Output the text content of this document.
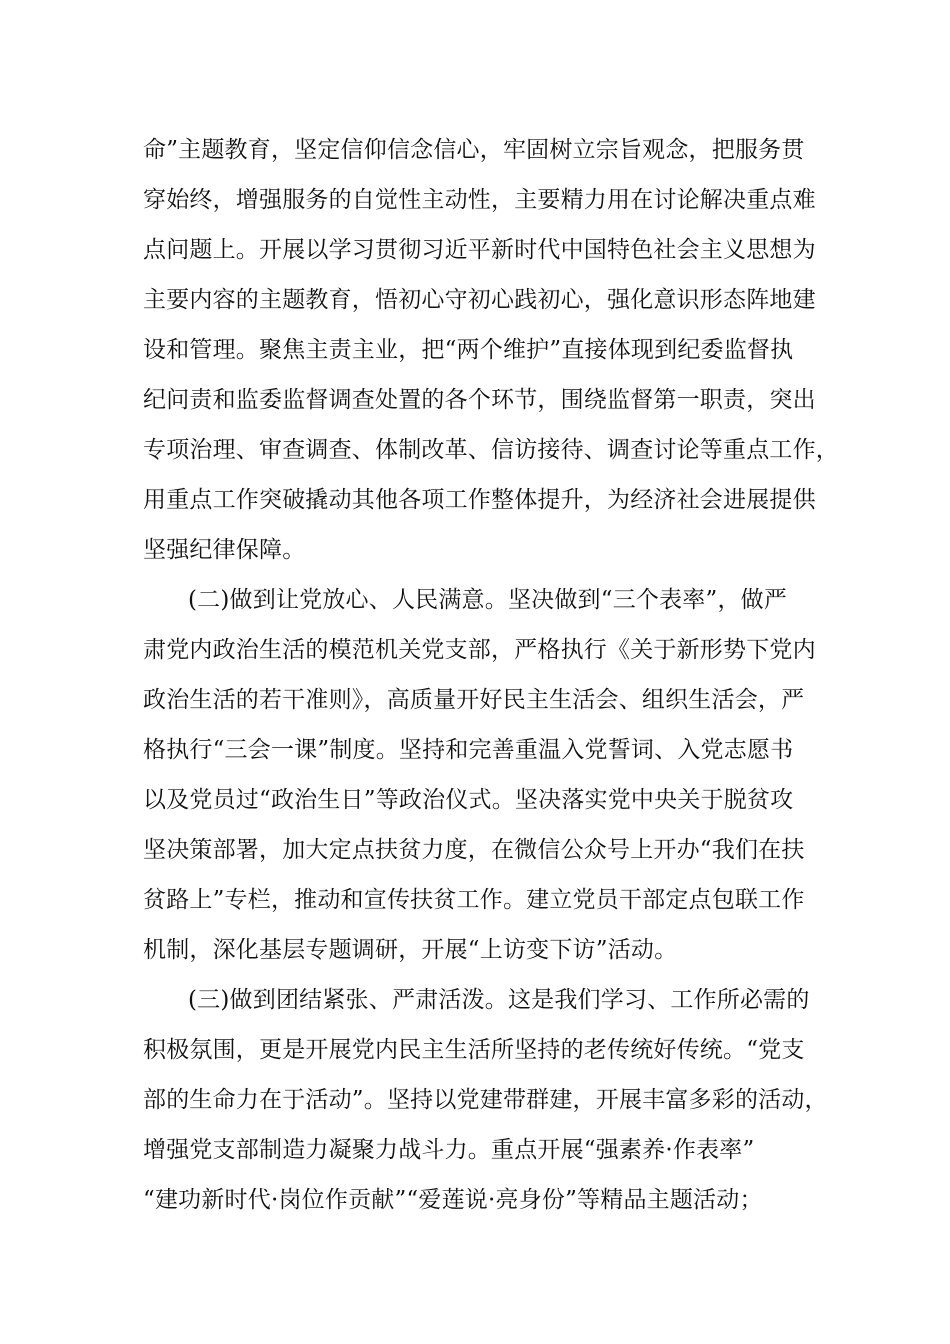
命”主题教育，坚定信仰信念信心，牢固树立宗旨观念，把服务贯
穿始终，增强服务的自觉性主动性，主要精力用在讨论解决重点难
点问题上。开展以学习贯彻习近平新时代中国特色社会主义思想为
主要内容的主题教育，悟初心守初心践初心，强化意识形态阵地建
设和管理。聚焦主责主业，把“两个维护”直接体现到纪委监督执
纪问责和监委监督调查处置的各个环节，围绕监督第一职责，突出
专项治理、审查调查、体制改革、信访接待、调查讨论等重点工作，
用重点工作突破撬动其他各项工作整体提升，为经济社会进展提供
坚强纪律保障。
(二)做到让党放心、人民满意。坚决做到“三个表率”，做严
肃党内政治生活的模范机关党支部，严格执行《关于新形势下党内
政治生活的若干准则》，高质量开好民主生活会、组织生活会，严
格执行“三会一课”制度。坚持和完善重温入党誓词、入党志愿书
以及党员过“政治生日”等政治仪式。坚决落实党中央关于脱贫攻
坚决策部署，加大定点扶贫力度，在微信公众号上开办“我们在扶
贫路上”专栏，推动和宣传扶贫工作。建立党员干部定点包联工作
机制，深化基层专题调研，开展“上访变下访”活动。
(三)做到团结紧张、严肃活泼。这是我们学习、工作所必需的
积极氛围，更是开展党内民主生活所坚持的老传统好传统。“党支
部的生命力在于活动”。坚持以党建带群建，开展丰富多彩的活动，
增强党支部制造力凝聚力战斗力。重点开展“强素养·作表率”
“建功新时代·岗位作贡献”“爱莲说·亮身份”等精品主题活动；
